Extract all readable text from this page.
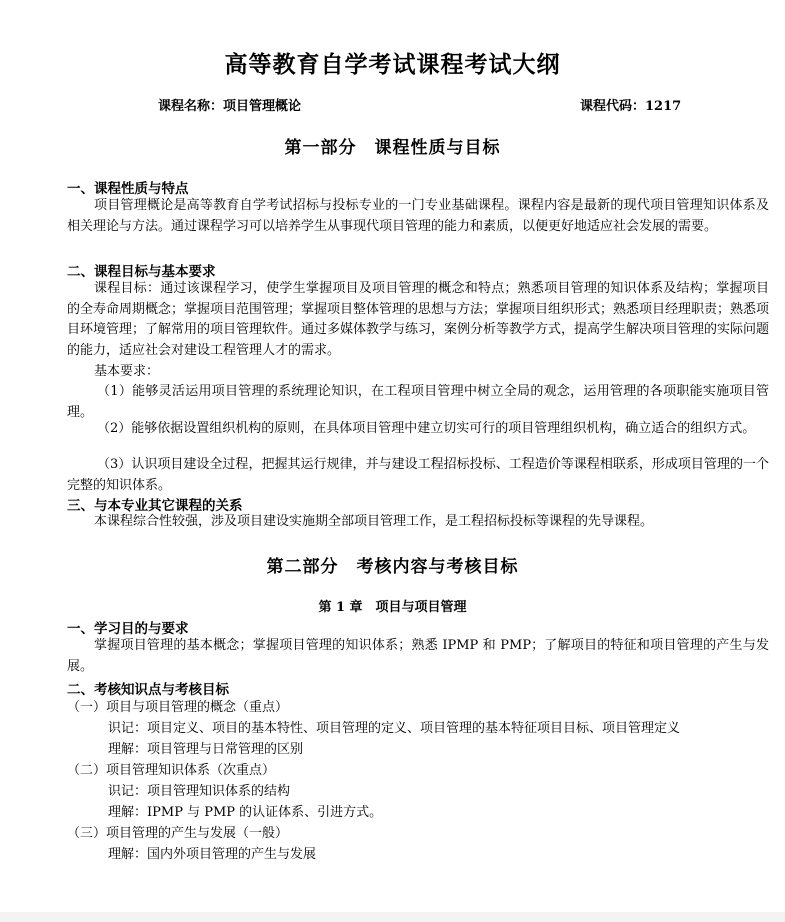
高等教育自学考试课程考试大纲
课程名称：项目管理概论	课程代码：1217
第一部分　课程性质与目标
一、课程性质与特点

项目管理概论是高等教育自学考试招标与投标专业的一门专业基础课程。课程内容是最新的现代项目管理知识体系及相关理论与方法。通过课程学习可以培养学生从事现代项目管理的能力和素质，以便更好地适应社会发展的需要。

二、课程目标与基本要求

课程目标：通过该课程学习，使学生掌握项目及项目管理的概念和特点；熟悉项目管理的知识体系及结构；掌握项目的全寿命周期概念；掌握项目范围管理；掌握项目整体管理的思想与方法；掌握项目组织形式；熟悉项目经理职责；熟悉项目环境管理；了解常用的项目管理软件。通过多媒体教学与练习，案例分析等教学方式，提高学生解决项目管理的实际问题的能力，适应社会对建设工程管理人才的需求。

基本要求：

（1）能够灵活运用项目管理的系统理论知识，在工程项目管理中树立全局的观念，运用管理的各项职能实施项目管理。

（2）能够依据设置组织机构的原则，在具体项目管理中建立切实可行的项目管理组织机构，确立适合的组织方式。

（3）认识项目建设全过程，把握其运行规律，并与建设工程招标投标、工程造价等课程相联系，形成项目管理的一个完整的知识体系。

三、与本专业其它课程的关系

本课程综合性较强，涉及项目建设实施期全部项目管理工作，是工程招标投标等课程的先导课程。

第二部分　考核内容与考核目标
第 1 章　项目与项目管理
一、学习目的与要求

掌握项目管理的基本概念；掌握项目管理的知识体系；熟悉 IPMP 和 PMP；了解项目的特征和项目管理的产生与发展。

二、考核知识点与考核目标
（一）项目与项目管理的概念（重点）
识记：项目定义、项目的基本特性、项目管理的定义、项目管理的基本特征项目目标、项目管理定义
理解：项目管理与日常管理的区别
（二）项目管理知识体系（次重点）
识记：项目管理知识体系的结构
理解：IPMP 与 PMP 的认证体系、引进方式。
（三）项目管理的产生与发展（一般）
理解：国内外项目管理的产生与发展
